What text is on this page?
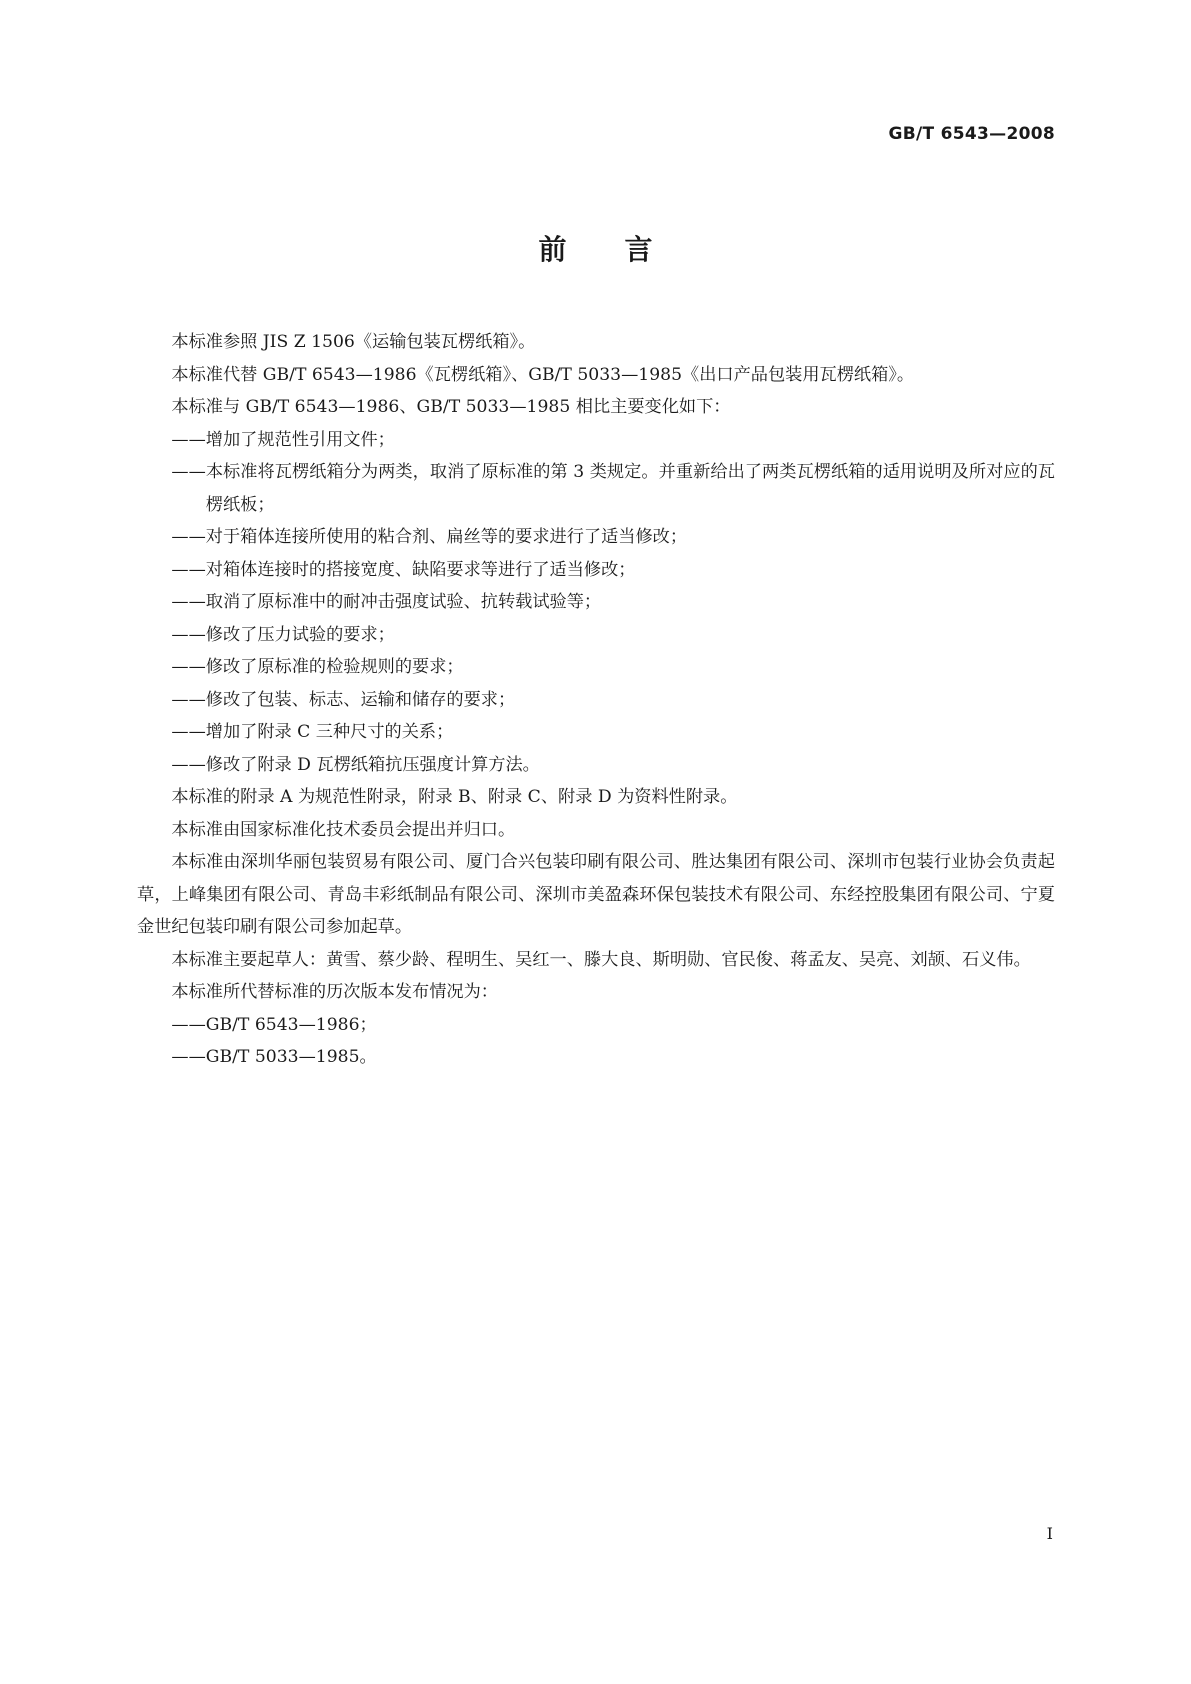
GB/T 6543—2008
前言

本标准参照 JIS Z 1506《运输包装瓦楞纸箱》。

本标准代替 GB/T 6543—1986《瓦楞纸箱》、GB/T 5033—1985《出口产品包装用瓦楞纸箱》。

本标准与 GB/T 6543—1986、GB/T 5033—1985 相比主要变化如下：

——增加了规范性引用文件；

——本标准将瓦楞纸箱分为两类，取消了原标准的第 3 类规定。并重新给出了两类瓦楞纸箱的适用说明及所对应的瓦楞纸板；

——对于箱体连接所使用的粘合剂、扁丝等的要求进行了适当修改；

——对箱体连接时的搭接宽度、缺陷要求等进行了适当修改；

——取消了原标准中的耐冲击强度试验、抗转载试验等；

——修改了压力试验的要求；

——修改了原标准的检验规则的要求；

——修改了包装、标志、运输和储存的要求；

——增加了附录 C 三种尺寸的关系；

——修改了附录 D 瓦楞纸箱抗压强度计算方法。

本标准的附录 A 为规范性附录，附录 B、附录 C、附录 D 为资料性附录。

本标准由国家标准化技术委员会提出并归口。

本标准由深圳华丽包装贸易有限公司、厦门合兴包装印刷有限公司、胜达集团有限公司、深圳市包装行业协会负责起草，上峰集团有限公司、青岛丰彩纸制品有限公司、深圳市美盈森环保包装技术有限公司、东经控股集团有限公司、宁夏金世纪包装印刷有限公司参加起草。

本标准主要起草人：黄雪、蔡少龄、程明生、吴红一、滕大良、斯明勋、官民俊、蒋孟友、吴亮、刘颉、石义伟。

本标准所代替标准的历次版本发布情况为：

——GB/T 6543—1986；

——GB/T 5033—1985。

I
